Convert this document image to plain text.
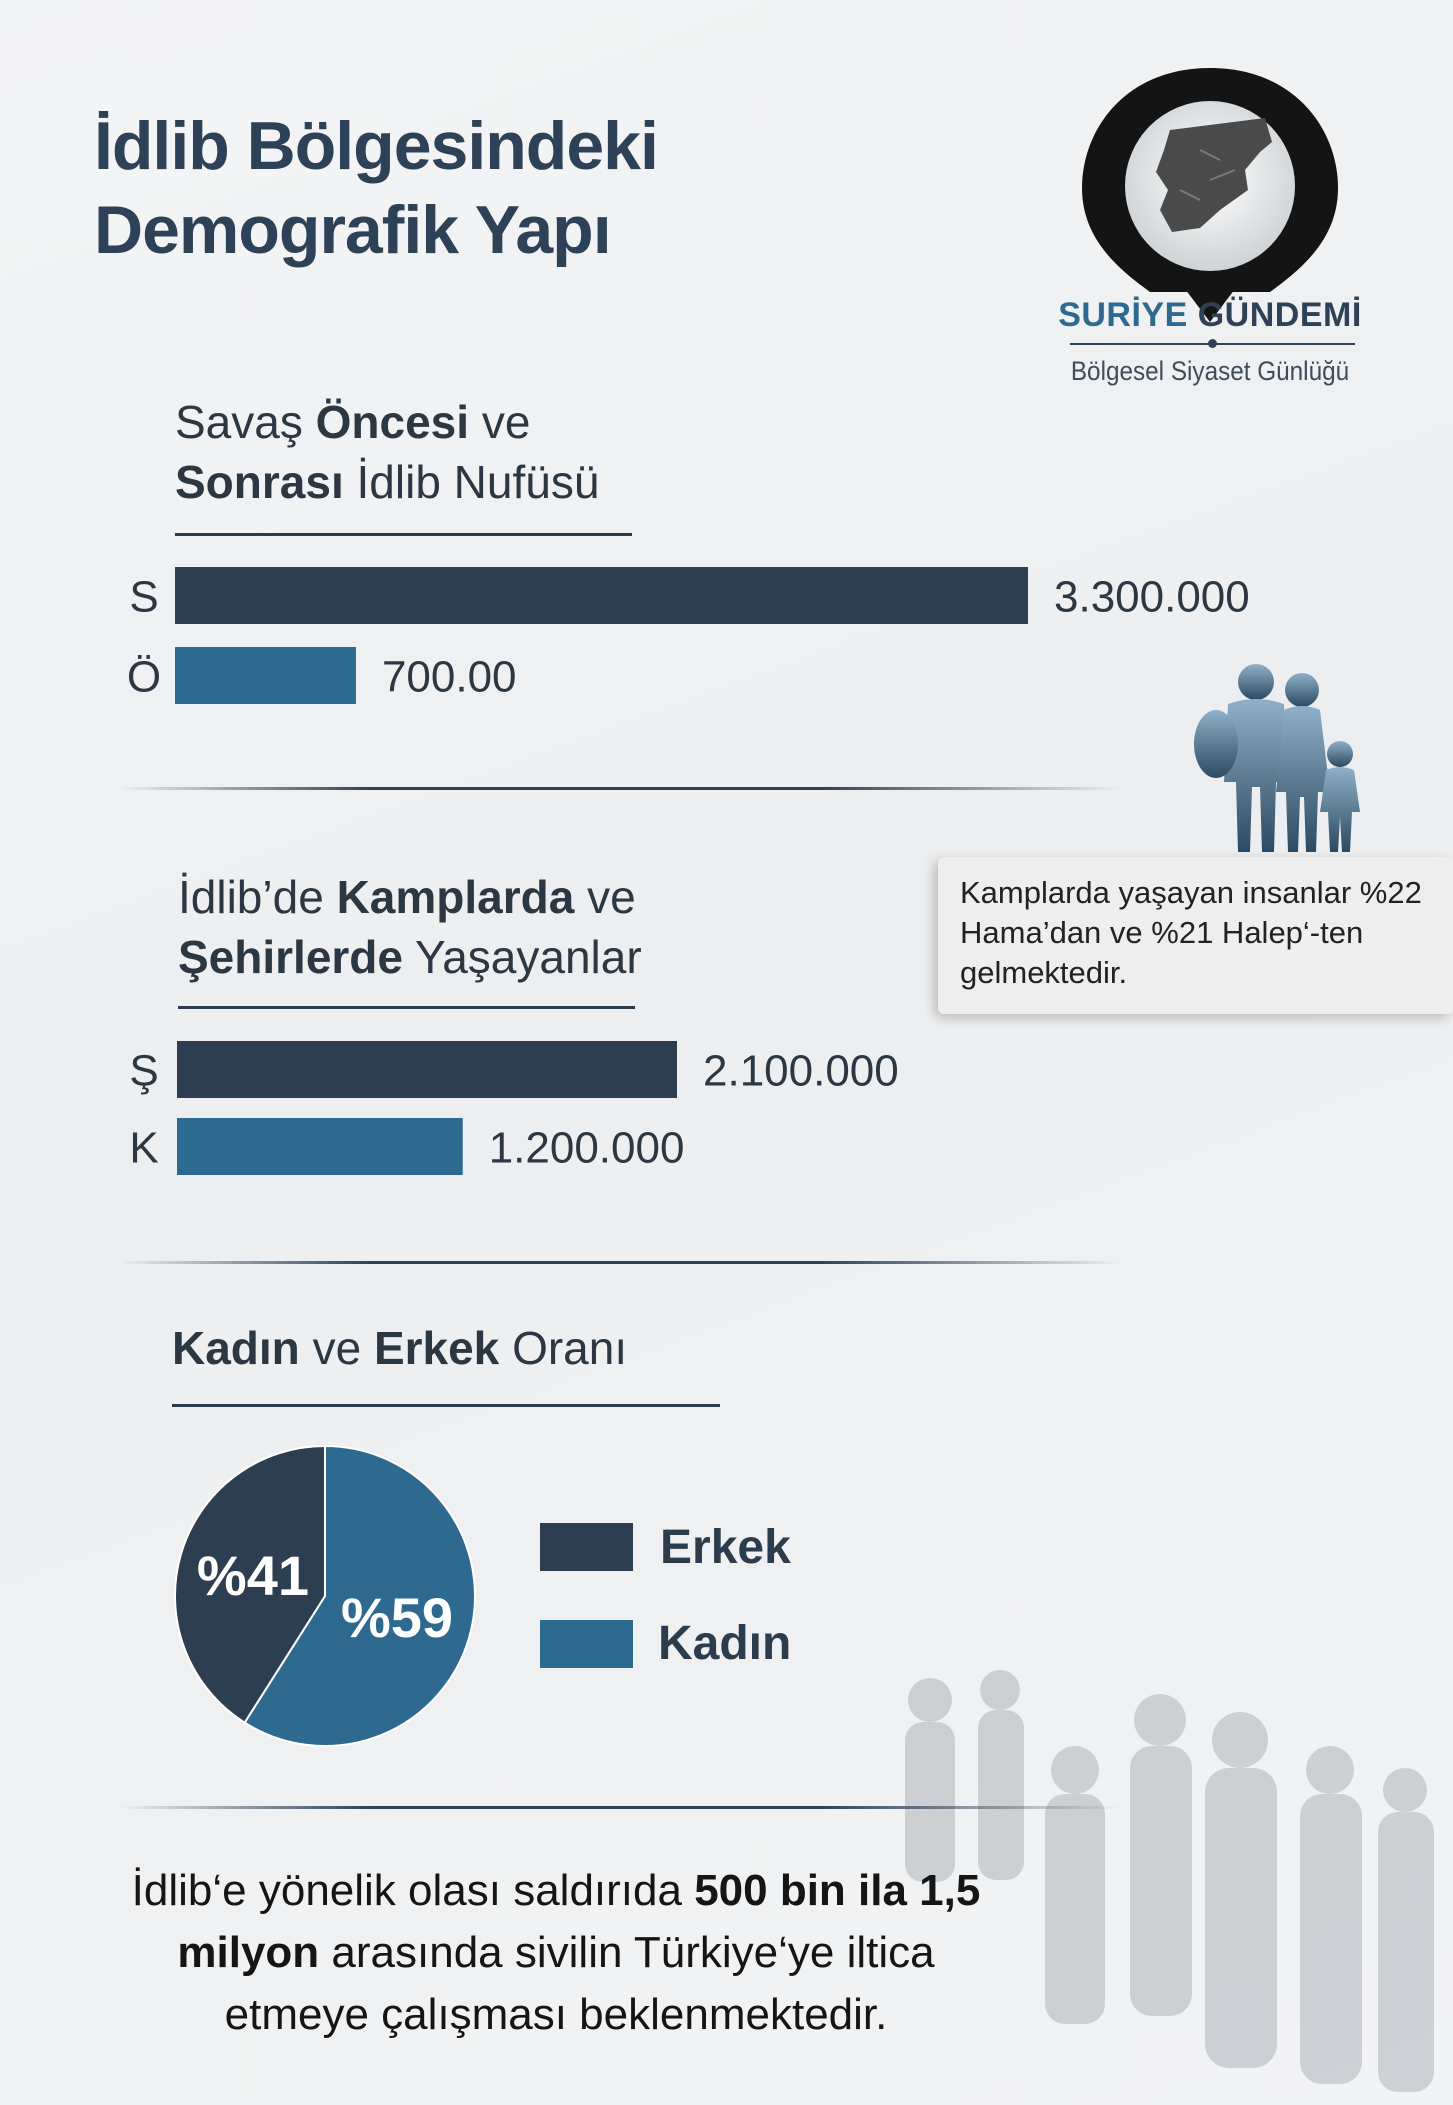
İdlib Bölgesindeki
Demografik Yapı
SURİYE GÜNDEMİ
Bölgesel Siyaset Günlüğü
Savaş Öncesi ve
Sonrası İdlib Nufüsü
S	3.300.000
Ö	700.00
Kamplarda yaşayan insanlar %22 Hama’dan ve %21 Halep‘-ten gelmektedir.
İdlib’de Kamplarda ve
Şehirlerde Yaşayanlar
Ş	2.100.000
K	1.200.000
Kadın ve Erkek Oranı
%59
%41	Erkek
Kadın
İdlib‘e yönelik olası saldırıda 500 bin ila 1,5 milyon arasında sivilin Türkiye‘ye iltica etmeye çalışması beklenmektedir.
